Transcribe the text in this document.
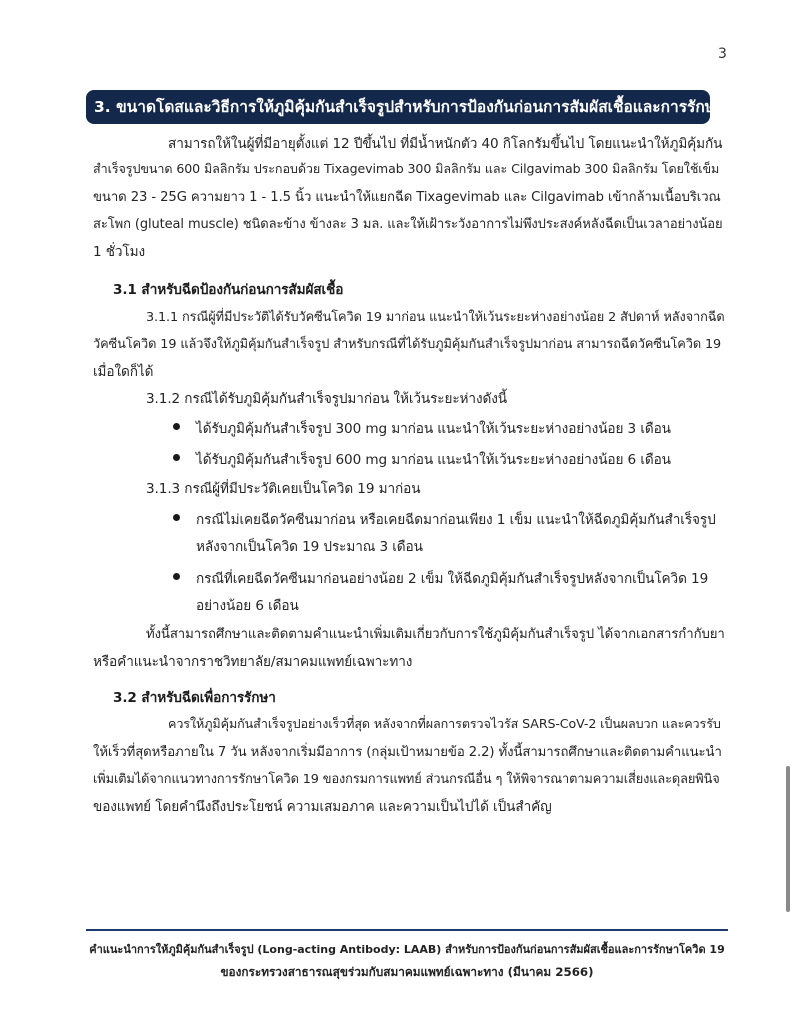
3
3. ขนาดโดสและวิธีการให้ภูมิคุ้มกันสำเร็จรูปสำหรับการป้องกันก่อนการสัมผัสเชื้อและการรักษา
สามารถให้ในผู้ที่มีอายุตั้งแต่ 12 ปีขึ้นไป ที่มีน้ำหนักตัว 40 กิโลกรัมขึ้นไป โดยแนะนำให้ภูมิคุ้มกัน
สำเร็จรูปขนาด 600 มิลลิกรัม ประกอบด้วย Tixagevimab 300 มิลลิกรัม และ Cilgavimab 300 มิลลิกรัม โดยใช้เข็ม
ขนาด 23 - 25G ความยาว 1 - 1.5 นิ้ว แนะนำให้แยกฉีด Tixagevimab และ Cilgavimab เข้ากล้ามเนื้อบริเวณ
สะโพก (gluteal muscle) ชนิดละข้าง ข้างละ 3 มล. และให้เฝ้าระวังอาการไม่พึงประสงค์หลังฉีดเป็นเวลาอย่างน้อย
1 ชั่วโมง
3.1 สำหรับฉีดป้องกันก่อนการสัมผัสเชื้อ
3.1.1 กรณีผู้ที่มีประวัติได้รับวัคซีนโควิด 19 มาก่อน แนะนำให้เว้นระยะห่างอย่างน้อย 2 สัปดาห์ หลังจากฉีด
วัคซีนโควิด 19 แล้วจึงให้ภูมิคุ้มกันสำเร็จรูป สำหรับกรณีที่ได้รับภูมิคุ้มกันสำเร็จรูปมาก่อน สามารถฉีดวัคซีนโควิด 19
เมื่อใดก็ได้
3.1.2 กรณีได้รับภูมิคุ้มกันสำเร็จรูปมาก่อน ให้เว้นระยะห่างดังนี้
ได้รับภูมิคุ้มกันสำเร็จรูป 300 mg มาก่อน แนะนำให้เว้นระยะห่างอย่างน้อย 3 เดือน
ได้รับภูมิคุ้มกันสำเร็จรูป 600 mg มาก่อน แนะนำให้เว้นระยะห่างอย่างน้อย 6 เดือน
3.1.3 กรณีผู้ที่มีประวัติเคยเป็นโควิด 19 มาก่อน
กรณีไม่เคยฉีดวัคซีนมาก่อน หรือเคยฉีดมาก่อนเพียง 1 เข็ม แนะนำให้ฉีดภูมิคุ้มกันสำเร็จรูป
หลังจากเป็นโควิด 19 ประมาณ 3 เดือน
กรณีที่เคยฉีดวัคซีนมาก่อนอย่างน้อย 2 เข็ม ให้ฉีดภูมิคุ้มกันสำเร็จรูปหลังจากเป็นโควิด 19
อย่างน้อย 6 เดือน
ทั้งนี้สามารถศึกษาและติดตามคำแนะนำเพิ่มเติมเกี่ยวกับการใช้ภูมิคุ้มกันสำเร็จรูป ได้จากเอกสารกำกับยา
หรือคำแนะนำจากราชวิทยาลัย/สมาคมแพทย์เฉพาะทาง
3.2 สำหรับฉีดเพื่อการรักษา
ควรให้ภูมิคุ้มกันสำเร็จรูปอย่างเร็วที่สุด หลังจากที่ผลการตรวจไวรัส SARS-CoV-2 เป็นผลบวก และควรรับ
ให้เร็วที่สุดหรือภายใน 7 วัน หลังจากเริ่มมีอาการ (กลุ่มเป้าหมายข้อ 2.2) ทั้งนี้สามารถศึกษาและติดตามคำแนะนำ
เพิ่มเติมได้จากแนวทางการรักษาโควิด 19 ของกรมการแพทย์ ส่วนกรณีอื่น ๆ ให้พิจารณาตามความเสี่ยงและดุลยพินิจ
ของแพทย์ โดยคำนึงถึงประโยชน์ ความเสมอภาค และความเป็นไปได้ เป็นสำคัญ
คำแนะนำการให้ภูมิคุ้มกันสำเร็จรูป (Long-acting Antibody: LAAB) สำหรับการป้องกันก่อนการสัมผัสเชื้อและการรักษาโควิด 19
ของกระทรวงสาธารณสุขร่วมกับสมาคมแพทย์เฉพาะทาง (มีนาคม 2566)
